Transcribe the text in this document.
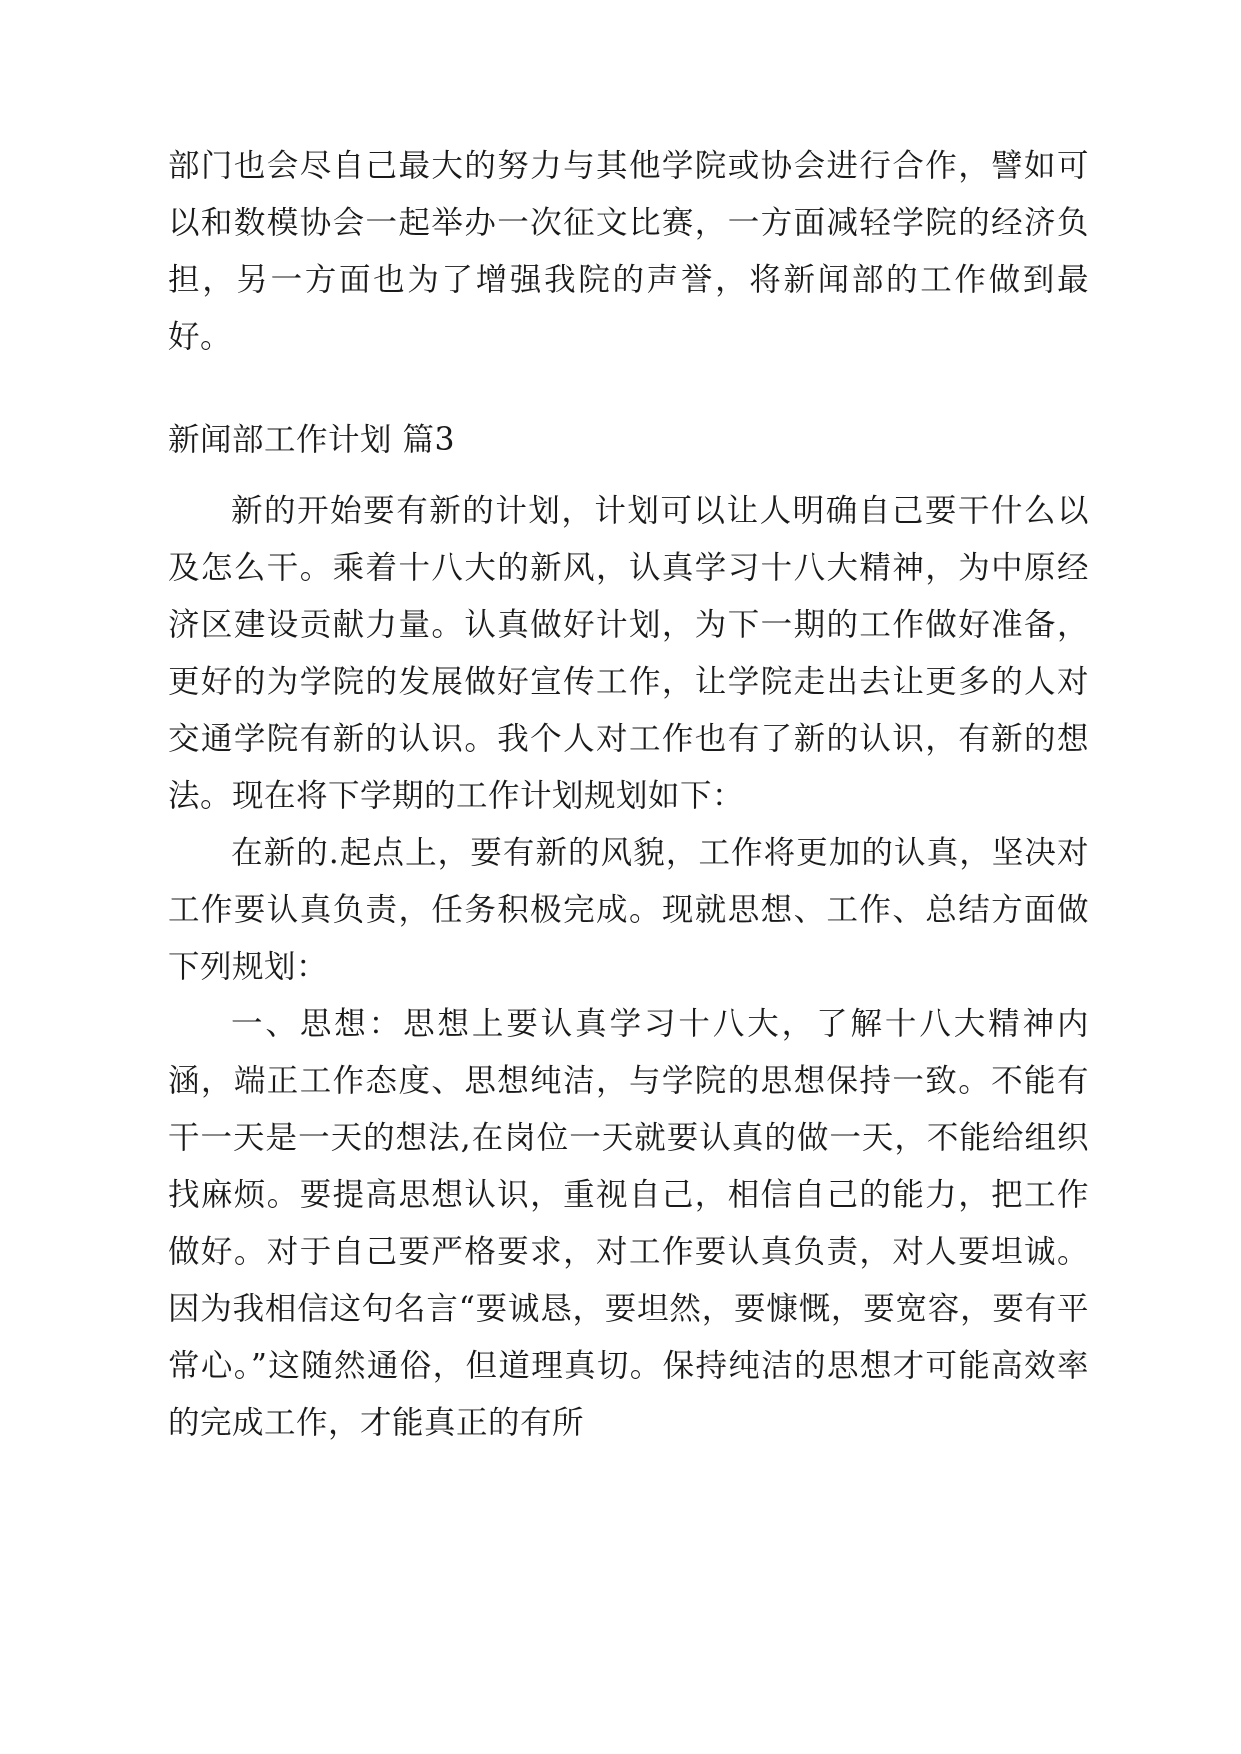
部门也会尽自己最大的努力与其他学院或协会进行合作，譬如可以和数模协会一起举办一次征文比赛，一方面减轻学院的经济负担，另一方面也为了增强我院的声誉，将新闻部的工作做到最好。

新闻部工作计划 篇3

新的开始要有新的计划，计划可以让人明确自己要干什么以及怎么干。乘着十八大的新风，认真学习十八大精神，为中原经济区建设贡献力量。认真做好计划，为下一期的工作做好准备，更好的为学院的发展做好宣传工作，让学院走出去让更多的人对交通学院有新的认识。我个人对工作也有了新的认识，有新的想法。现在将下学期的工作计划规划如下：

在新的.起点上，要有新的风貌，工作将更加的认真，坚决对工作要认真负责，任务积极完成。现就思想、工作、总结方面做下列规划：

一、思想：思想上要认真学习十八大，了解十八大精神内涵，端正工作态度、思想纯洁，与学院的思想保持一致。不能有干一天是一天的想法,在岗位一天就要认真的做一天，不能给组织找麻烦。要提高思想认识，重视自己，相信自己的能力，把工作做好。对于自己要严格要求，对工作要认真负责，对人要坦诚。因为我相信这句名言“要诚恳，要坦然，要慷慨，要宽容，要有平常心。”这随然通俗，但道理真切。保持纯洁的思想才可能高效率的完成工作，才能真正的有所
